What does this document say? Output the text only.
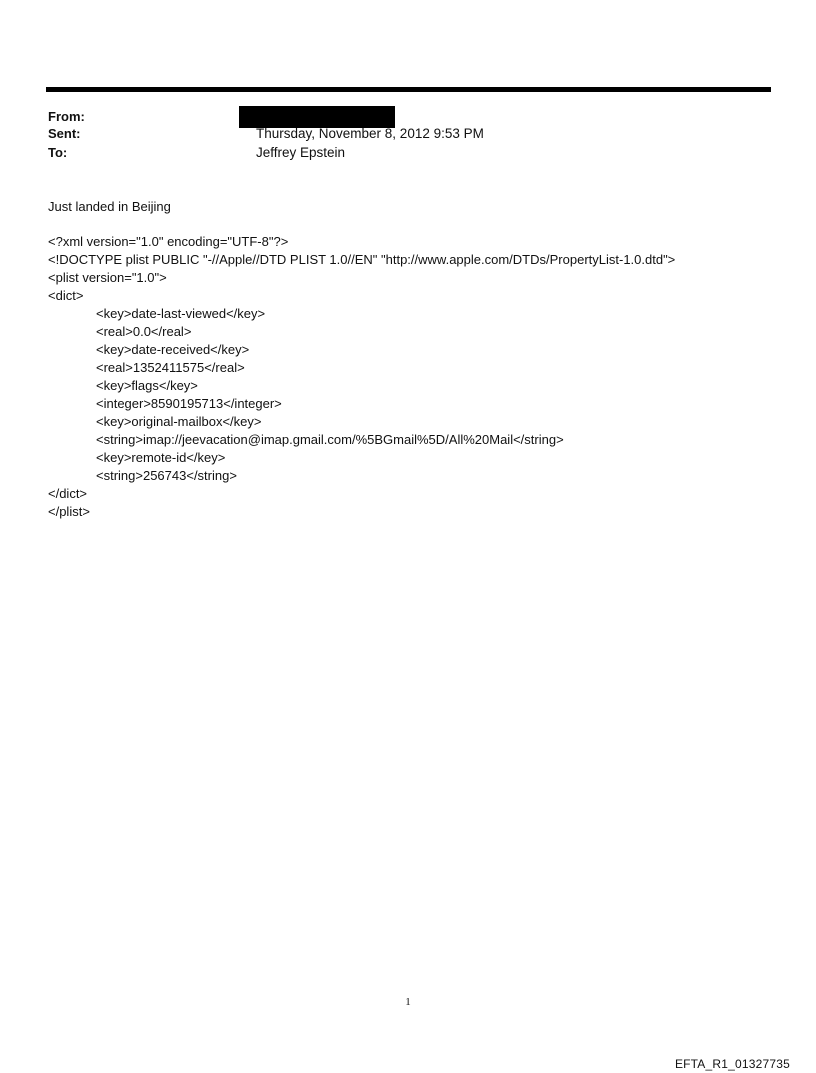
From:
Sent:	Thursday, November 8, 2012 9:53 PM
To:	Jeffrey Epstein
Just landed in Beijing
<?xml version="1.0" encoding="UTF-8"?>
<!DOCTYPE plist PUBLIC "-//Apple//DTD PLIST 1.0//EN" "http://www.apple.com/DTDs/PropertyList-1.0.dtd">
<plist version="1.0">
<dict>
<key>date-last-viewed</key>
<real>0.0</real>
<key>date-received</key>
<real>1352411575</real>
<key>flags</key>
<integer>8590195713</integer>
<key>original-mailbox</key>
<string>imap://jeevacation@imap.gmail.com/%5BGmail%5D/All%20Mail</string>
<key>remote-id</key>
<string>256743</string>
</dict>
</plist>
1
EFTA_R1_01327735
